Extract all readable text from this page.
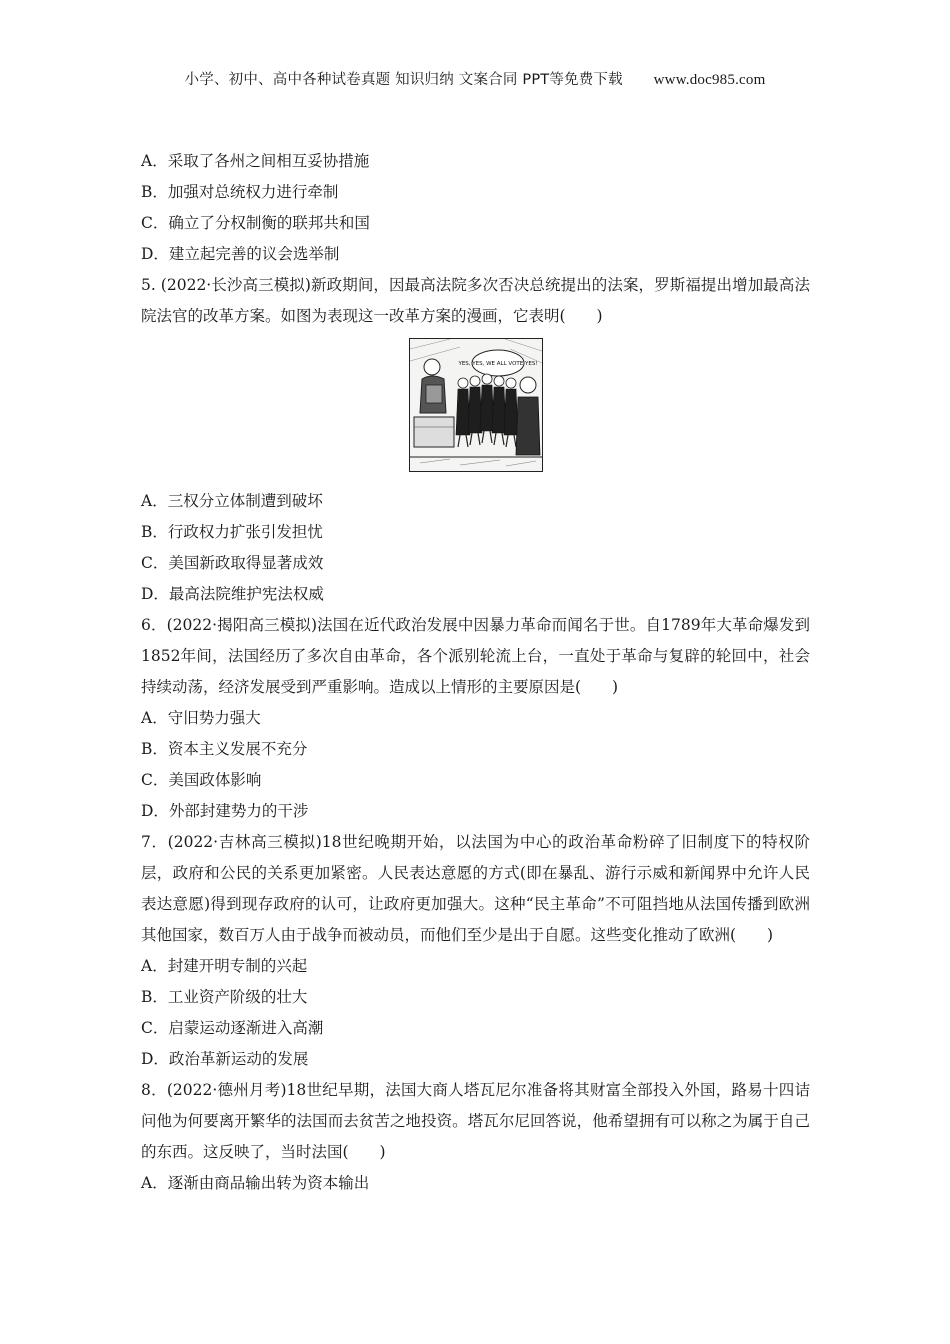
小学、初中、高中各种试卷真题 知识归纳 文案合同 PPT等免费下载 www.doc985.com
A．采取了各州之间相互妥协措施
B．加强对总统权力进行牵制
C．确立了分权制衡的联邦共和国
D．建立起完善的议会选举制
5. (2022·长沙高三模拟)新政期间，因最高法院多次否决总统提出的法案，罗斯福提出增加最高法院法官的改革方案。如图为表现这一改革方案的漫画，它表明(　　)
YES, YES, WE ALL VOTE YES!
A．三权分立体制遭到破坏
B．行政权力扩张引发担忧
C．美国新政取得显著成效
D．最高法院维护宪法权威
6．(2022·揭阳高三模拟)法国在近代政治发展中因暴力革命而闻名于世。自1789年大革命爆发到1852年间，法国经历了多次自由革命，各个派别轮流上台，一直处于革命与复辟的轮回中，社会持续动荡，经济发展受到严重影响。造成以上情形的主要原因是(　　)
A．守旧势力强大
B．资本主义发展不充分
C．美国政体影响
D．外部封建势力的干涉
7．(2022·吉林高三模拟)18世纪晚期开始，以法国为中心的政治革命粉碎了旧制度下的特权阶层，政府和公民的关系更加紧密。人民表达意愿的方式(即在暴乱、游行示威和新闻界中允许人民表达意愿)得到现存政府的认可，让政府更加强大。这种“民主革命”不可阻挡地从法国传播到欧洲其他国家，数百万人由于战争而被动员，而他们至少是出于自愿。这些变化推动了欧洲(　　)
A．封建开明专制的兴起
B．工业资产阶级的壮大
C．启蒙运动逐渐进入高潮
D．政治革新运动的发展
8．(2022·德州月考)18世纪早期，法国大商人塔瓦尼尔准备将其财富全部投入外国，路易十四诘问他为何要离开繁华的法国而去贫苦之地投资。塔瓦尔尼回答说，他希望拥有可以称之为属于自己的东西。这反映了，当时法国(　　)
A．逐渐由商品输出转为资本输出
